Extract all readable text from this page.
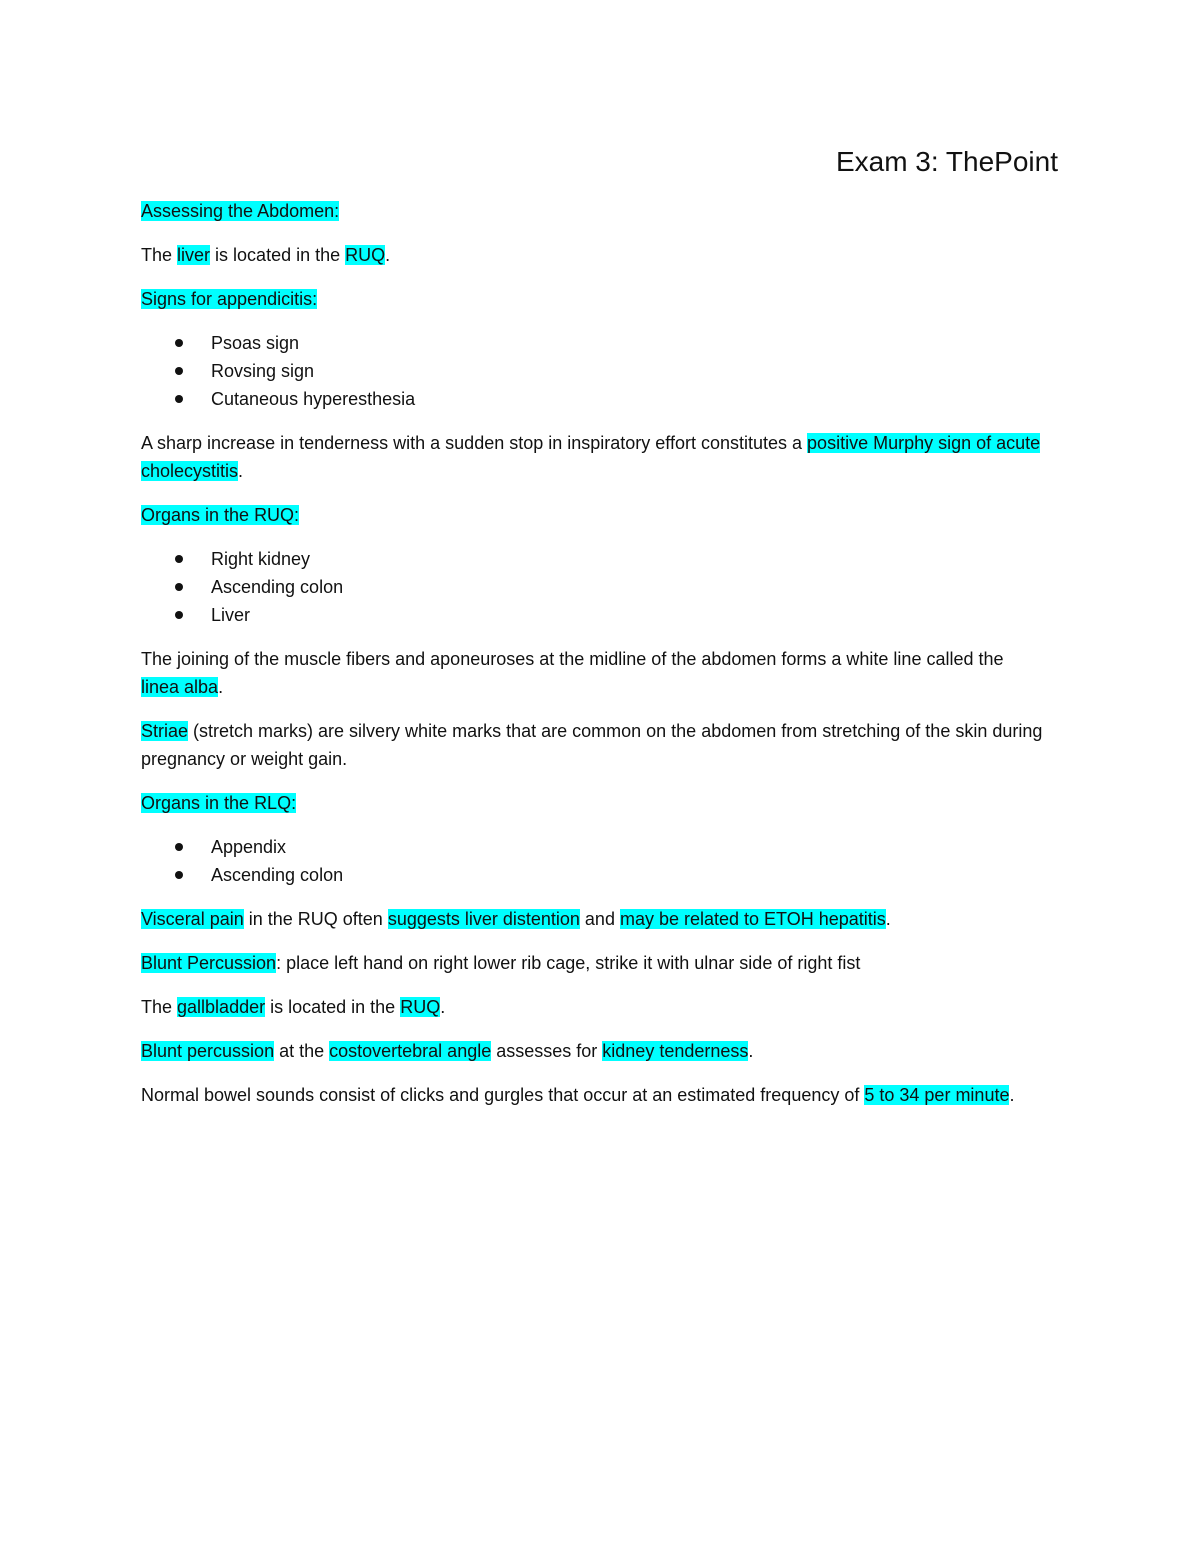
Exam 3: ThePoint

Assessing the Abdomen:

The liver is located in the RUQ.

Signs for appendicitis:

Psoas sign
Rovsing sign
Cutaneous hyperesthesia

A sharp increase in tenderness with a sudden stop in inspiratory effort constitutes a positive Murphy sign of acute cholecystitis.

Organs in the RUQ:

Right kidney
Ascending colon
Liver

The joining of the muscle fibers and aponeuroses at the midline of the abdomen forms a white line called the linea alba.

Striae (stretch marks) are silvery white marks that are common on the abdomen from stretching of the skin during pregnancy or weight gain.

Organs in the RLQ:

Appendix
Ascending colon

Visceral pain in the RUQ often suggests liver distention and may be related to ETOH hepatitis.

Blunt Percussion: place left hand on right lower rib cage, strike it with ulnar side of right fist

The gallbladder is located in the RUQ.

Blunt percussion at the costovertebral angle assesses for kidney tenderness.

Normal bowel sounds consist of clicks and gurgles that occur at an estimated frequency of 5 to 34 per minute.
